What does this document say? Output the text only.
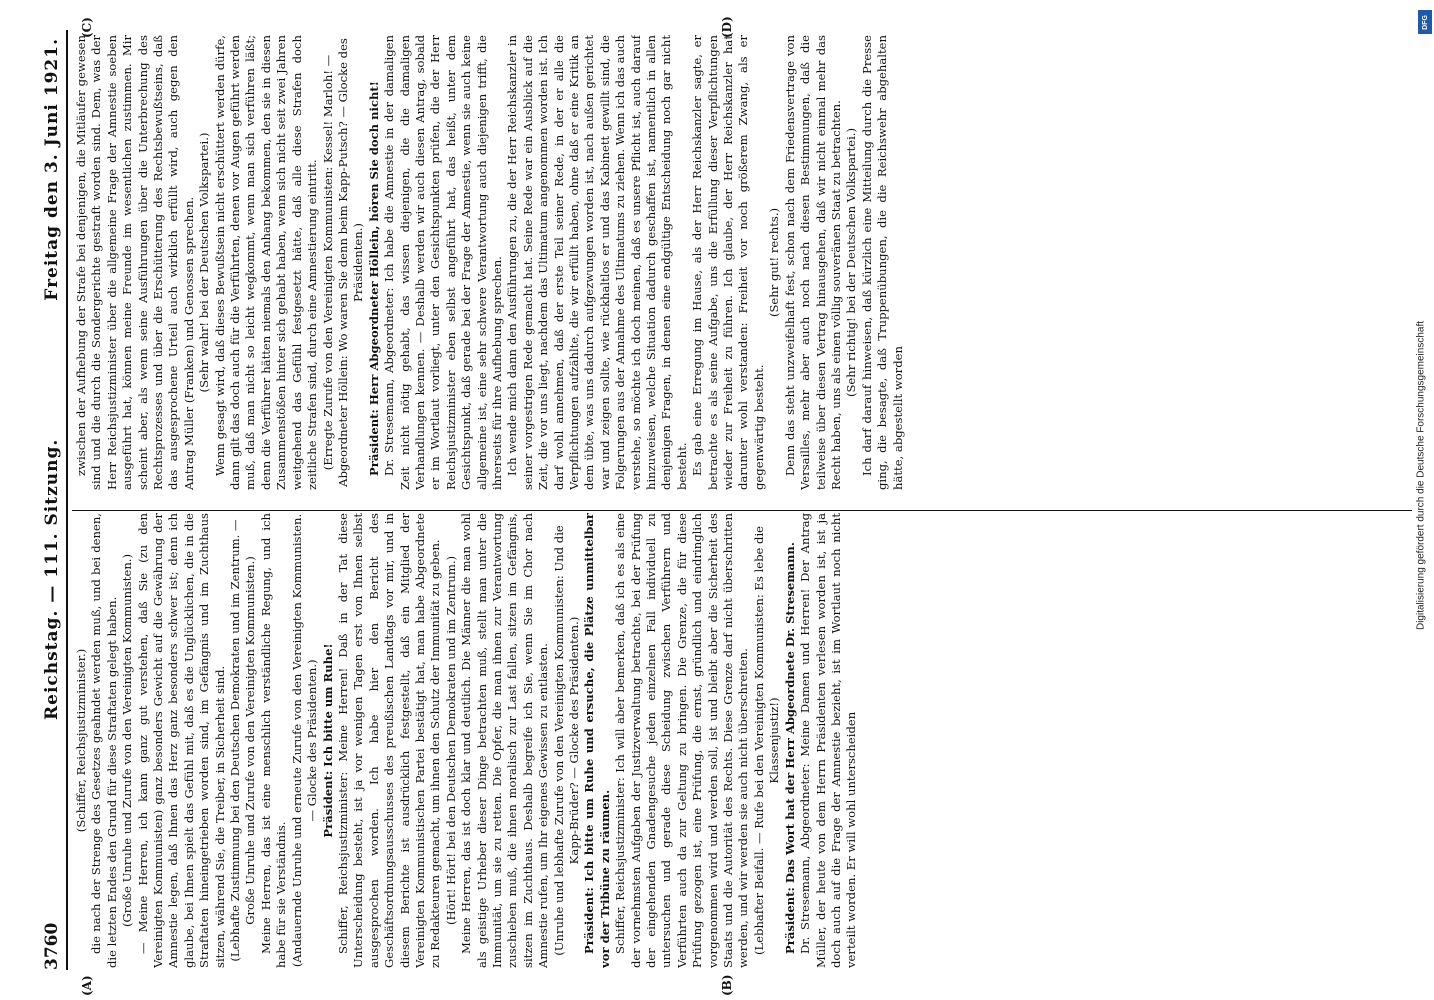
3760
Reichstag. — 111. Sitzung.
Freitag den 3. Juni 1921.
(A)	(B)
(C)	(D)

(Schiffer, Reichsjustizminister.) die nach der Strenge des Gesetzes geahndet werden muß, und bei denen, die letzten Endes den Grund für diese Straftaten gelegt haben. (Große Unruhe und Zurufe von den Vereinigten Kommunisten.) — Meine Herren, ich kann ganz gut verstehen, daß Sie (zu den Vereinigten Kommunisten) ganz besonders Gewicht auf die Gewährung der Amnestie legen, daß Ihnen das Herz ganz besonders schwer ist; denn ich glaube, bei Ihnen spielt das Gefühl mit, daß es die Unglücklichen, die in die Straftaten hineingetrieben worden sind, im Gefängnis und im Zuchthaus sitzen, während Sie, die Treiber, in Sicherheit sind. (Lebhafte Zustimmung bei den Deutschen Demokraten und im Zentrum. — Große Unruhe und Zurufe von den Vereinigten Kommunisten.) Meine Herren, das ist eine menschlich verständliche Regung, und ich habe für sie Verständnis. (Andauernde Unruhe und erneute Zurufe von den Vereinigten Kommunisten. — Glocke des Präsidenten.) Präsident: Ich bitte um Ruhe! Schiffer, Reichsjustizminister: Meine Herren! Daß in der Tat diese Unterscheidung besteht, ist ja vor wenigen Tagen erst von Ihnen selbst ausgesprochen worden. Ich habe hier den Bericht des Geschäftsordnungsausschusses des preußischen Landtags vor mir, und in diesem Berichte ist ausdrücklich festgestellt, daß ein Mitglied der Vereinigten Kommunistischen Partei bestätigt hat, man habe Abgeordnete zu Redakteuren gemacht, um ihnen den Schutz der Immunität zu geben. (Hört! Hört! bei den Deutschen Demokraten und im Zentrum.) Meine Herren, das ist doch klar und deutlich. Die Männer die man wohl als geistige Urheber dieser Dinge betrachten muß, stellt man unter die Immunität, um sie zu retten. Die Opfer, die man ihnen zur Verantwortung zuschieben muß, die ihnen moralisch zur Last fallen, sitzen im Gefängnis, sitzen im Zuchthaus. Deshalb begreife ich Sie, wenn Sie im Chor nach Amnestie rufen, um Ihr eigenes Gewissen zu entlasten. (Unruhe und lebhafte Zurufe von den Vereinigten Kommunisten: Und die Kapp-Brüder? — Glocke des Präsidenten.) Präsident: Ich bitte um Ruhe und ersuche, die Plätze unmittelbar vor der Tribüne zu räumen. Schiffer, Reichsjustizminister: Ich will aber bemerken, daß ich es als eine der vornehmsten Aufgaben der Justizverwaltung betrachte, bei der Prüfung der eingehenden Gnadengesuche jeden einzelnen Fall individuell zu untersuchen und gerade diese Scheidung zwischen Verführern und Verführten auch da zur Geltung zu bringen. Die Grenze, die für diese Prüfung gezogen ist, eine Prüfung, die ernst, gründlich und eindringlich vorgenommen wird und werden soll, ist und bleibt aber die Sicherheit des Staats und die Autorität des Rechts. Diese Grenze darf nicht überschritten werden, und wir werden sie auch nicht überschreiten. (Lebhafter Beifall. — Rufe bei den Vereinigten Kommunisten: Es lebe die Klassenjustiz!) Präsident: Das Wort hat der Herr Abgeordnete Dr. Stresemann. Dr. Stresemann, Abgeordneter: Meine Damen und Herren! Der Antrag Müller, der heute von dem Herrn Präsidenten verlesen worden ist, ist ja doch auch auf die Frage der Amnestie bezieht, ist im Wortlaut noch nicht verteilt worden. Er will wohl unterscheiden

zwischen der Aufhebung der Strafe bei denjenigen, die Mitläufer gewesen sind und die durch die Sondergerichte gestraft worden sind. Dem, was der Herr Reichsjustizminister über die allgemeine Frage der Amnestie soeben ausgeführt hat, können meine Freunde im wesentlichen zustimmen. Mir scheint aber, als wenn seine Ausführungen über die Unterbrechung des Rechtsprozesses und über die Erschütterung des Rechtsbewußtseins, daß das ausgesprochene Urteil auch wirklich erfüllt wird, auch gegen den Antrag Müller (Franken) und Genossen sprechen. (Sehr wahr! bei der Deutschen Volkspartei.) Wenn gesagt wird, daß dieses Bewußtsein nicht erschüttert werden dürfe, dann gilt das doch auch für die Verführten, denen vor Augen geführt werden muß, daß man nicht so leicht wegkommt, wenn man sich verführen läßt; denn die Verführer hätten niemals den Anhang bekommen, den sie in diesen Zusammenstößen hinter sich gehabt haben, wenn sich nicht seit zwei Jahren weitgehend das Gefühl festgesetzt hätte, daß alle diese Strafen doch zeitliche Strafen sind, durch eine Amnestierung eintritt. (Erregte Zurufe von den Vereinigten Kommunisten: Kessel! Marloh! — Abgeordneter Höllein: Wo waren Sie denn beim Kapp-Putsch? — Glocke des Präsidenten.) Präsident: Herr Abgeordneter Höllein, hören Sie doch nicht! Dr. Stresemann, Abgeordneter: Ich habe die Amnestie in der damaligen Zeit nicht nötig gehabt, das wissen diejenigen, die die damaligen Verhandlungen kennen. — Deshalb werden wir auch diesen Antrag, sobald er im Wortlaut vorliegt, unter den Gesichtspunkten prüfen, die der Herr Reichsjustizminister eben selbst angeführt hat, das heißt, unter dem Gesichtspunkt, daß gerade bei der Frage der Amnestie, wenn sie auch keine allgemeine ist, eine sehr schwere Verantwortung auch diejenigen trifft, die ihrerseits für ihre Aufhebung sprechen. Ich wende mich dann den Ausführungen zu, die der Herr Reichskanzler in seiner vorgestrigen Rede gemacht hat. Seine Rede war ein Ausblick auf die Zeit, die vor uns liegt, nachdem das Ultimatum angenommen worden ist. Ich darf wohl annehmen, daß der erste Teil seiner Rede, in der er alle die Verpflichtungen aufzählte, die wir erfüllt haben, ohne daß er eine Kritik an dem übte, was uns dadurch aufgezwungen worden ist, nach außen gerichtet war und zeigen sollte, wie rückhaltlos er und das Kabinett gewillt sind, die Folgerungen aus der Annahme des Ultimatums zu ziehen. Wenn ich das auch verstehe, so möchte ich doch meinen, daß es unsere Pflicht ist, auch darauf hinzuweisen, welche Situation dadurch geschaffen ist, namentlich in allen denjenigen Fragen, in denen eine endgültige Entscheidung noch gar nicht besteht. Es gab eine Erregung im Hause, als der Herr Reichskanzler sagte, er betrachte es als seine Aufgabe, uns die Erfüllung dieser Verpflichtungen wieder zur Freiheit zu führen. Ich glaube, der Herr Reichskanzler hat darunter wohl verstanden: Freiheit vor noch größerem Zwang, als er gegenwärtig besteht.

(Sehr gut! rechts.) Denn das steht unzweifelhaft fest, schon nach dem Friedensvertrage von Versailles, mehr aber auch noch nach diesen Bestimmungen, daß die teilweise über diesen Vertrag hinausgehen, daß wir nicht einmal mehr das Recht haben, uns als einen völlig souveränen Staat zu betrachten. (Sehr richtig! bei der Deutschen Volkspartei.) Ich darf darauf hinweisen, daß kürzlich eine Mitteilung durch die Presse ging, die besagte, daß Truppenübungen, die die Reichswehr abgehalten hätte, abgestellt worden	Digitalisierung gefördert durch die Deutsche Forschungsgemeinschaft
DFG
